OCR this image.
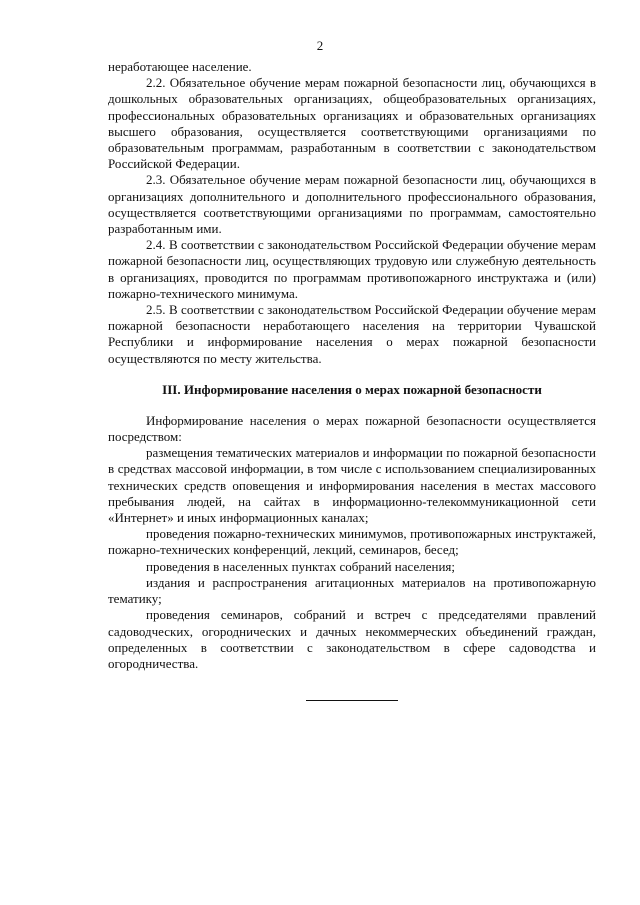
2

неработающее население.

2.2. Обязательное обучение мерам пожарной безопасности лиц, обучающихся в дошкольных образовательных организациях, общеобразовательных организациях, профессиональных образовательных организациях и образовательных организациях высшего образования, осуществляется соответствующими организациями по образовательным программам, разработанным в соответствии с законодательством Российской Федерации.

2.3. Обязательное обучение мерам пожарной безопасности лиц, обучающихся в организациях дополнительного и дополнительного профессионального образования, осуществляется соответствующими организациями по программам, самостоятельно разработанным ими.

2.4. В соответствии с законодательством Российской Федерации обучение мерам пожарной безопасности лиц, осуществляющих трудовую или служебную деятельность в организациях, проводится по программам противопожарного инструктажа и (или) пожарно-технического минимума.

2.5. В соответствии с законодательством Российской Федерации обучение мерам пожарной безопасности неработающего населения на территории Чувашской Республики и информирование населения о мерах пожарной безопасности осуществляются по месту жительства.

III. Информирование населения о мерах пожарной безопасности

Информирование населения о мерах пожарной безопасности осуществляется посредством:

размещения тематических материалов и информации по пожарной безопасности в средствах массовой информации, в том числе с использованием специализированных технических средств оповещения и информирования населения в местах массового пребывания людей, на сайтах в информационно-телекоммуникационной сети «Интернет» и иных информационных каналах;

проведения пожарно-технических минимумов, противопожарных инструктажей, пожарно-технических конференций, лекций, семинаров, бесед;

проведения в населенных пунктах собраний населения;

издания и распространения агитационных материалов на противопожарную тематику;

проведения семинаров, собраний и встреч с председателями правлений садоводческих, огороднических и дачных некоммерческих объединений граждан, определенных в соответствии с законодательством в сфере садоводства и огородничества.
